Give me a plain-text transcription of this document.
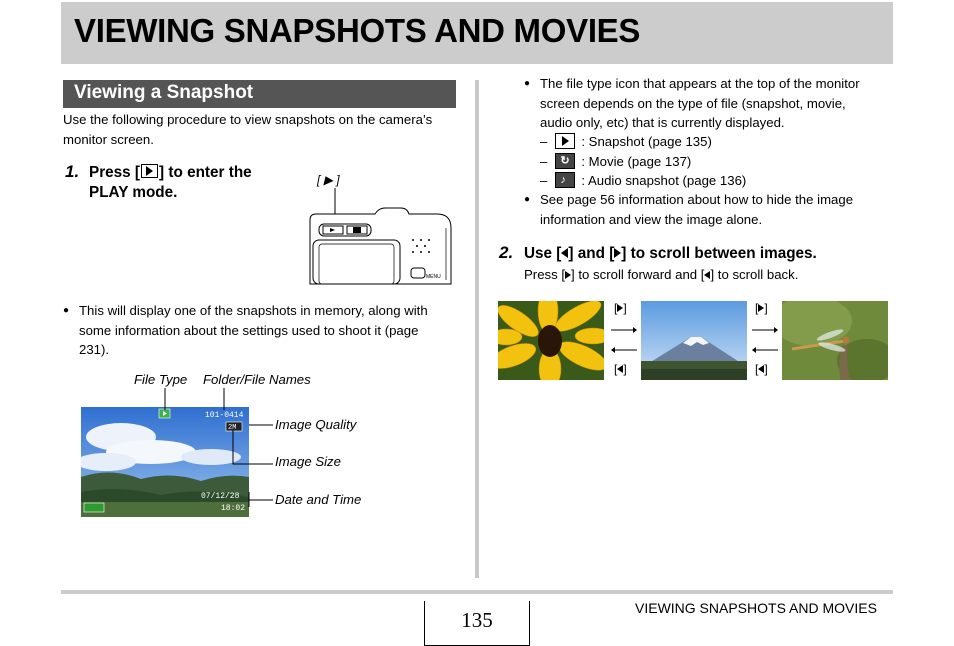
VIEWING SNAPSHOTS AND MOVIES
Viewing a Snapshot
Use the following procedure to view snapshots on the camera’s
monitor screen.
1. Press [ ] to enter the
PLAY mode.
[ ▶ ]
MENU
● This will display one of the snapshots in memory, along with
some information about the settings used to shoot it (page
231).
File Type Folder/File Names
Image Quality
Image Size
Date and Time
101-0414
2M
07/12/28
18:02
● The file type icon that appears at the top of the monitor
screen depends on the type of file (snapshot, movie,
audio only, etc) that is currently displayed.
–	: Snapshot (page 135)
– ↻ : Movie (page 137)
– ♪ : Audio snapshot (page 136)
● See page 56 information about how to hide the image
information and view the image alone.
2. Use [ ] and [ ] to scroll between images.
Press [ ] to scroll forward and [ ] to scroll back.
[ ]
[ ]
[ ]
[ ]
135	VIEWING SNAPSHOTS AND MOVIES
